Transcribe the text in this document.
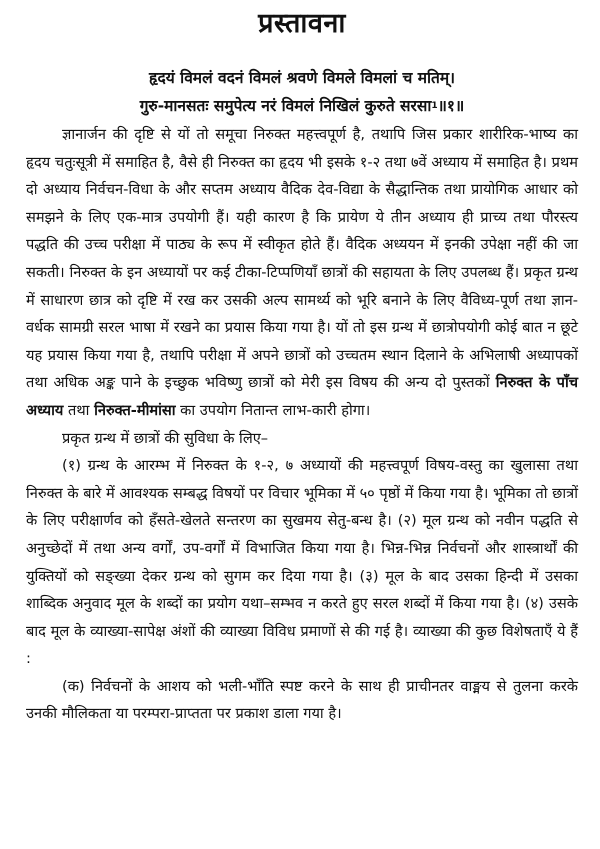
प्रस्तावना
हृदयं विमलं वदनं विमलं श्रवणे विमले विमलां च मतिम्।
गुरु-मानसतः समुपेत्य नरं विमलं निखिलं कुरुते सरसा$^1$॥१॥

ज्ञानार्जन की दृष्टि से यों तो समूचा निरुक्त महत्त्वपूर्ण है, तथापि जिस प्रकार शारीरिक-भाष्य का हृदय चतुःसूत्री में समाहित है, वैसे ही निरुक्त का हृदय भी इसके १-२ तथा ७वें अध्याय में समाहित है। प्रथम दो अध्याय निर्वचन-विधा के और सप्तम अध्याय वैदिक देव-विद्या के सैद्धान्तिक तथा प्रायोगिक आधार को समझने के लिए एक-मात्र उपयोगी हैं। यही कारण है कि प्रायेण ये तीन अध्याय ही प्राच्य तथा पौरस्त्य पद्धति की उच्च परीक्षा में पाठ्य के रूप में स्वीकृत होते हैं। वैदिक अध्ययन में इनकी उपेक्षा नहीं की जा सकती। निरुक्त के इन अध्यायों पर कई टीका-टिप्पणियाँ छात्रों की सहायता के लिए उपलब्ध हैं। प्रकृत ग्रन्थ में साधारण छात्र को दृष्टि में रख कर उसकी अल्प सामर्थ्य को भूरि बनाने के लिए वैविध्य-पूर्ण तथा ज्ञान-वर्धक सामग्री सरल भाषा में रखने का प्रयास किया गया है। यों तो इस ग्रन्थ में छात्रोपयोगी कोई बात न छूटे यह प्रयास किया गया है, तथापि परीक्षा में अपने छात्रों को उच्चतम स्थान दिलाने के अभिलाषी अध्यापकों तथा अधिक अङ्क पाने के इच्छुक भविष्णु छात्रों को मेरी इस विषय की अन्य दो पुस्तकों निरुक्त के पाँच अध्याय तथा निरुक्त-मीमांसा का उपयोग नितान्त लाभ-कारी होगा।

प्रकृत ग्रन्थ में छात्रों की सुविधा के लिए–

(१) ग्रन्थ के आरम्भ में निरुक्त के १-२, ७ अध्यायों की महत्त्वपूर्ण विषय-वस्तु का खुलासा तथा निरुक्त के बारे में आवश्यक सम्बद्ध विषयों पर विचार भूमिका में ५० पृष्ठों में किया गया है। भूमिका तो छात्रों के लिए परीक्षार्णव को हँसते-खेलते सन्तरण का सुखमय सेतु-बन्ध है। (२) मूल ग्रन्थ को नवीन पद्धति से अनुच्छेदों में तथा अन्य वर्गों, उप-वर्गों में विभाजित किया गया है। भिन्न-भिन्न निर्वचनों और शास्त्रार्थों की युक्तियों को सङ्ख्या देकर ग्रन्थ को सुगम कर दिया गया है। (३) मूल के बाद उसका हिन्दी में उसका शाब्दिक अनुवाद मूल के शब्दों का प्रयोग यथा–सम्भव न करते हुए सरल शब्दों में किया गया है। (४) उसके बाद मूल के व्याख्या-सापेक्ष अंशों की व्याख्या विविध प्रमाणों से की गई है। व्याख्या की कुछ विशेषताएँ ये हैं :

(क) निर्वचनों के आशय को भली-भाँति स्पष्ट करने के साथ ही प्राचीनतर वाङ्मय से तुलना करके उनकी मौलिकता या परम्परा-प्राप्तता पर प्रकाश डाला गया है।
